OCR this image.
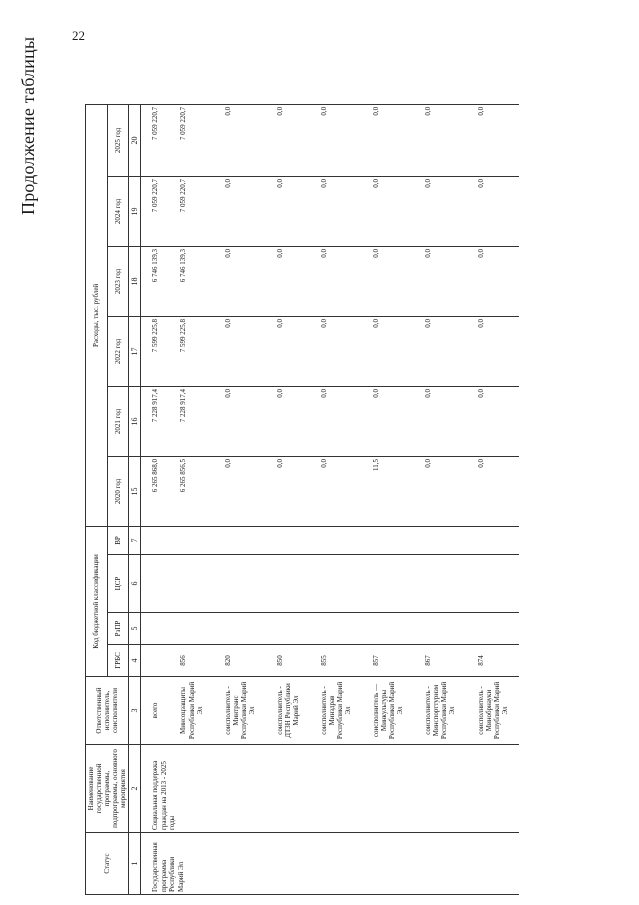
22
Продолжение таблицы
Статус	Наименование государственной программы, подпрограммы, основного мероприятия	Ответственный исполнитель, соисполнители	Код бюджетной классификации				Расходы, тыс. рублей					
			ГРБС	РзПР	ЦСР	ВР	2020 год	2021 год	2022 год	2023 год	2024 год	2025 год
1	2	3	4	5	6	7	15	16	17	18	19	20
Государственная программа Республики Марий Эл	Социальная поддержка граждан на 2013 - 2025 годы	всего					6 265 868,0	7 228 917,4	7 599 225,8	6 746 139,3	7 059 220,7	7 059 220,7
		Минсоцзащиты Республики Марий Эл	856				6 265 856,5	7 228 917,4	7 599 225,8	6 746 139,3	7 059 220,7	7 059 220,7
		соисполнитель - Минтранс Республики Марий Эл	820				0,0	0,0	0,0	0,0	0,0	0,0
		соисполнитель - ДТЗН Республики Марий Эл	850				0,0	0,0	0,0	0,0	0,0	0,0
		соисполнитель - Минздрав Республики Марий Эл	855				0,0	0,0	0,0	0,0	0,0	0,0
		соисполнитель — Минкультуры Республики Марий Эл	857				11,5	0,0	0,0	0,0	0,0	0,0
		соисполнитель - Минспорттуризм Республики Марий Эл	867				0,0	0,0	0,0	0,0	0,0	0,0
		соисполнитель - Минобрнауки Республики Марий Эл	874				0,0	0,0	0,0	0,0	0,0	0,0
